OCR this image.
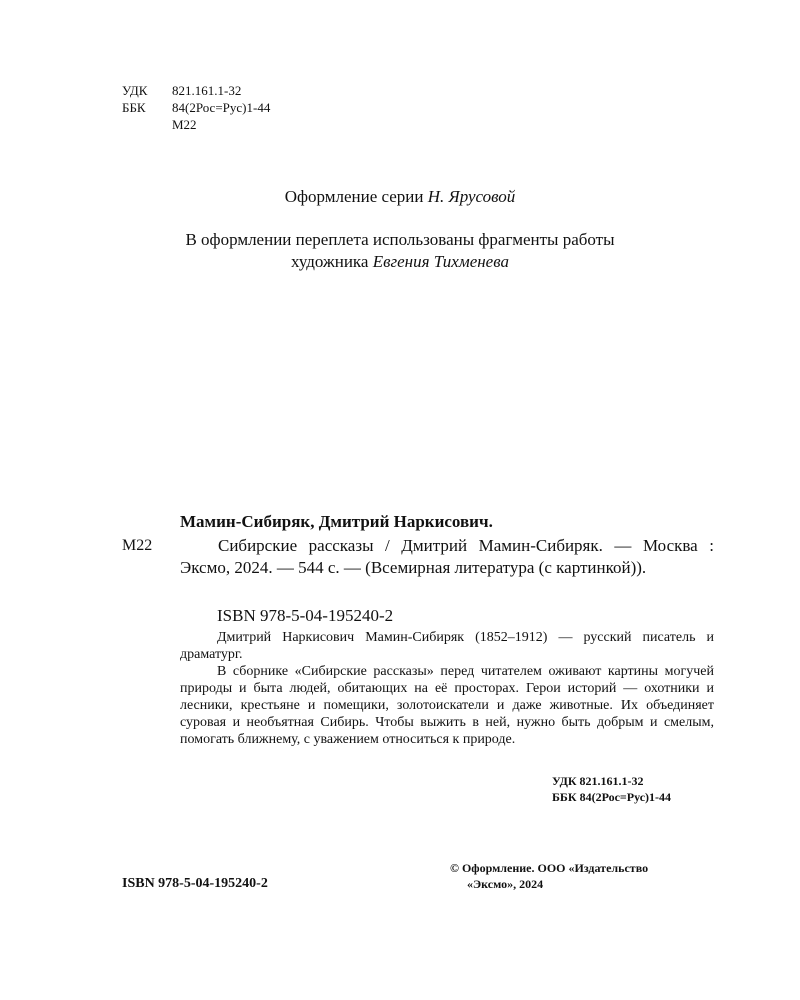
УДК	821.161.1-32
ББК	84(2Рос=Рус)1-44
М22
Оформление серии Н. Ярусовой
В оформлении переплета использованы фрагменты работы
художника Евгения Тихменева
Мамин-Сибиряк, Дмитрий Наркисович.
М22	Сибирские рассказы / Дмитрий Мамин-Сибиряк. — Москва : Эксмо, 2024. — 544 с. — (Всемирная литература (с картинкой)).
ISBN 978-5-04-195240-2

Дмитрий Наркисович Мамин-Сибиряк (1852–1912) — русский писатель и драматург.

В сборнике «Сибирские рассказы» перед читателем оживают картины могучей природы и быта людей, обитающих на её просторах. Герои историй — охотники и лесники, крестьяне и помещики, золотоискатели и даже животные. Их объединяет суровая и необъятная Сибирь. Чтобы выжить в ней, нужно быть добрым и смелым, помогать ближнему, с уважением относиться к природе.

УДК 821.161.1-32
ББК 84(2Рос=Рус)1-44
ISBN 978-5-04-195240-2
© Оформление. ООО «Издательство
«Эксмо», 2024
